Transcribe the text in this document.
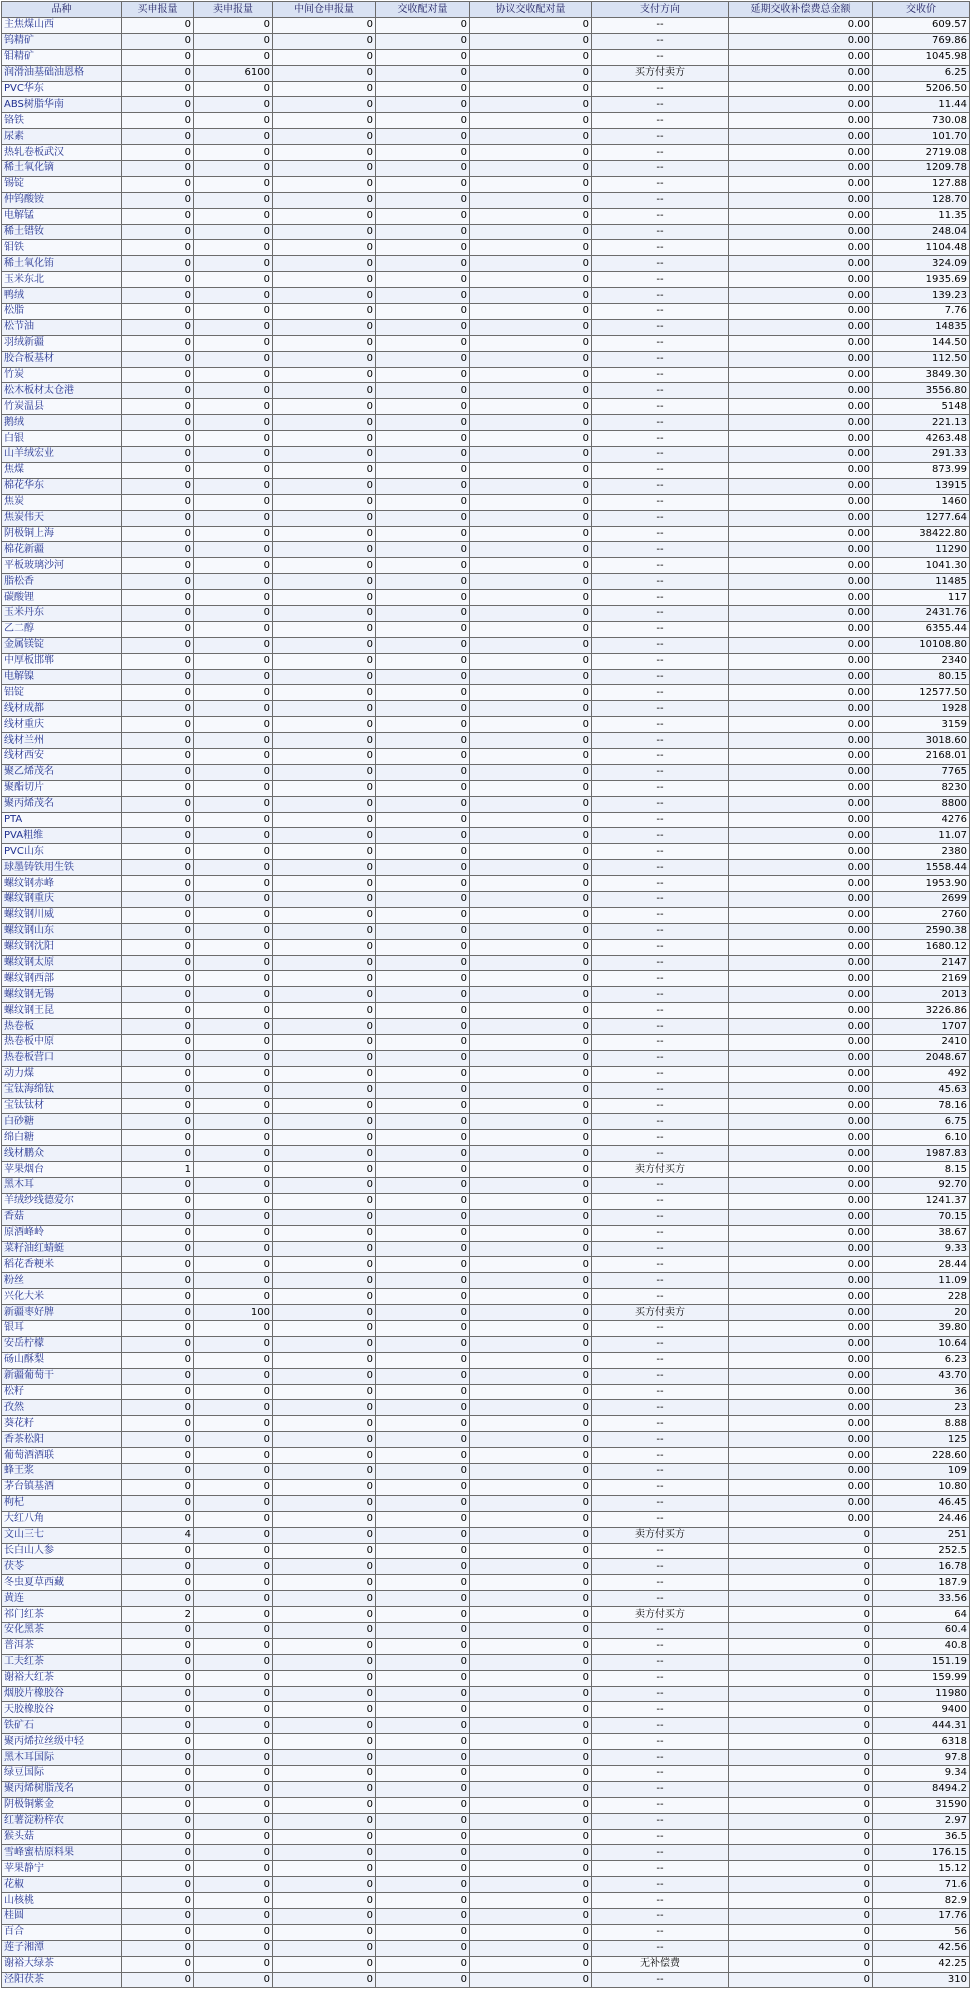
品种	买申报量	卖申报量	中间仓申报量	交收配对量	协议交收配对量	支付方向	延期交收补偿费总金额	交收价
主焦煤山西	0	0	0	0	0	--	0.00	609.57
钨精矿	0	0	0	0	0	--	0.00	769.86
钼精矿	0	0	0	0	0	--	0.00	1045.98
润滑油基础油恩格	0	6100	0	0	0	买方付卖方	0.00	6.25
PVC华东	0	0	0	0	0	--	0.00	5206.50
ABS树脂华南	0	0	0	0	0	--	0.00	11.44
铬铁	0	0	0	0	0	--	0.00	730.08
尿素	0	0	0	0	0	--	0.00	101.70
热轧卷板武汉	0	0	0	0	0	--	0.00	2719.08
稀土氧化镝	0	0	0	0	0	--	0.00	1209.78
锡锭	0	0	0	0	0	--	0.00	127.88
仲钨酸铵	0	0	0	0	0	--	0.00	128.70
电解锰	0	0	0	0	0	--	0.00	11.35
稀土镨钕	0	0	0	0	0	--	0.00	248.04
钼铁	0	0	0	0	0	--	0.00	1104.48
稀土氧化铕	0	0	0	0	0	--	0.00	324.09
玉米东北	0	0	0	0	0	--	0.00	1935.69
鸭绒	0	0	0	0	0	--	0.00	139.23
松脂	0	0	0	0	0	--	0.00	7.76
松节油	0	0	0	0	0	--	0.00	14835
羽绒新疆	0	0	0	0	0	--	0.00	144.50
胶合板基材	0	0	0	0	0	--	0.00	112.50
竹炭	0	0	0	0	0	--	0.00	3849.30
松木板材太仓港	0	0	0	0	0	--	0.00	3556.80
竹炭温县	0	0	0	0	0	--	0.00	5148
鹅绒	0	0	0	0	0	--	0.00	221.13
白银	0	0	0	0	0	--	0.00	4263.48
山羊绒宏业	0	0	0	0	0	--	0.00	291.33
焦煤	0	0	0	0	0	--	0.00	873.99
棉花华东	0	0	0	0	0	--	0.00	13915
焦炭	0	0	0	0	0	--	0.00	1460
焦炭伟天	0	0	0	0	0	--	0.00	1277.64
阴极铜上海	0	0	0	0	0	--	0.00	38422.80
棉花新疆	0	0	0	0	0	--	0.00	11290
平板玻璃沙河	0	0	0	0	0	--	0.00	1041.30
脂松香	0	0	0	0	0	--	0.00	11485
碳酸锂	0	0	0	0	0	--	0.00	117
玉米丹东	0	0	0	0	0	--	0.00	2431.76
乙二醇	0	0	0	0	0	--	0.00	6355.44
金属镁锭	0	0	0	0	0	--	0.00	10108.80
中厚板邯郸	0	0	0	0	0	--	0.00	2340
电解镍	0	0	0	0	0	--	0.00	80.15
铝锭	0	0	0	0	0	--	0.00	12577.50
线材成都	0	0	0	0	0	--	0.00	1928
线材重庆	0	0	0	0	0	--	0.00	3159
线材兰州	0	0	0	0	0	--	0.00	3018.60
线材西安	0	0	0	0	0	--	0.00	2168.01
聚乙烯茂名	0	0	0	0	0	--	0.00	7765
聚酯切片	0	0	0	0	0	--	0.00	8230
聚丙烯茂名	0	0	0	0	0	--	0.00	8800
PTA	0	0	0	0	0	--	0.00	4276
PVA粗维	0	0	0	0	0	--	0.00	11.07
PVC山东	0	0	0	0	0	--	0.00	2380
球墨铸铁用生铁	0	0	0	0	0	--	0.00	1558.44
螺纹钢赤峰	0	0	0	0	0	--	0.00	1953.90
螺纹钢重庆	0	0	0	0	0	--	0.00	2699
螺纹钢川威	0	0	0	0	0	--	0.00	2760
螺纹钢山东	0	0	0	0	0	--	0.00	2590.38
螺纹钢沈阳	0	0	0	0	0	--	0.00	1680.12
螺纹钢太原	0	0	0	0	0	--	0.00	2147
螺纹钢西部	0	0	0	0	0	--	0.00	2169
螺纹钢无锡	0	0	0	0	0	--	0.00	2013
螺纹钢王昆	0	0	0	0	0	--	0.00	3226.86
热卷板	0	0	0	0	0	--	0.00	1707
热卷板中原	0	0	0	0	0	--	0.00	2410
热卷板营口	0	0	0	0	0	--	0.00	2048.67
动力煤	0	0	0	0	0	--	0.00	492
宝钛海绵钛	0	0	0	0	0	--	0.00	45.63
宝钛钛材	0	0	0	0	0	--	0.00	78.16
白砂糖	0	0	0	0	0	--	0.00	6.75
绵白糖	0	0	0	0	0	--	0.00	6.10
线材鹏众	0	0	0	0	0	--	0.00	1987.83
苹果烟台	1	0	0	0	0	卖方付买方	0.00	8.15
黑木耳	0	0	0	0	0	--	0.00	92.70
羊绒纱线德爱尔	0	0	0	0	0	--	0.00	1241.37
香菇	0	0	0	0	0	--	0.00	70.15
原酒峰岭	0	0	0	0	0	--	0.00	38.67
菜籽油红蜻蜓	0	0	0	0	0	--	0.00	9.33
稻花香粳米	0	0	0	0	0	--	0.00	28.44
粉丝	0	0	0	0	0	--	0.00	11.09
兴化大米	0	0	0	0	0	--	0.00	228
新疆枣好牌	0	100	0	0	0	买方付卖方	0.00	20
银耳	0	0	0	0	0	--	0.00	39.80
安岳柠檬	0	0	0	0	0	--	0.00	10.64
砀山酥梨	0	0	0	0	0	--	0.00	6.23
新疆葡萄干	0	0	0	0	0	--	0.00	43.70
松籽	0	0	0	0	0	--	0.00	36
孜然	0	0	0	0	0	--	0.00	23
葵花籽	0	0	0	0	0	--	0.00	8.88
香茶松阳	0	0	0	0	0	--	0.00	125
葡萄酒酒联	0	0	0	0	0	--	0.00	228.60
蜂王浆	0	0	0	0	0	--	0.00	109
茅台镇基酒	0	0	0	0	0	--	0.00	10.80
枸杞	0	0	0	0	0	--	0.00	46.45
大红八角	0	0	0	0	0	--	0.00	24.46
文山三七	4	0	0	0	0	卖方付买方	0	251
长白山人参	0	0	0	0	0	--	0	252.5
茯苓	0	0	0	0	0	--	0	16.78
冬虫夏草西藏	0	0	0	0	0	--	0	187.9
黄连	0	0	0	0	0	--	0	33.56
祁门红茶	2	0	0	0	0	卖方付买方	0	64
安化黑茶	0	0	0	0	0	--	0	60.4
普洱茶	0	0	0	0	0	--	0	40.8
工夫红茶	0	0	0	0	0	--	0	151.19
谢裕大红茶	0	0	0	0	0	--	0	159.99
烟胶片橡胶谷	0	0	0	0	0	--	0	11980
天胶橡胶谷	0	0	0	0	0	--	0	9400
铁矿石	0	0	0	0	0	--	0	444.31
聚丙烯拉丝级中轻	0	0	0	0	0	--	0	6318
黑木耳国际	0	0	0	0	0	--	0	97.8
绿豆国际	0	0	0	0	0	--	0	9.34
聚丙烯树脂茂名	0	0	0	0	0	--	0	8494.2
阴极铜紫金	0	0	0	0	0	--	0	31590
红薯淀粉梓农	0	0	0	0	0	--	0	2.97
猴头菇	0	0	0	0	0	--	0	36.5
雪峰蜜桔原料果	0	0	0	0	0	--	0	176.15
苹果静宁	0	0	0	0	0	--	0	15.12
花椒	0	0	0	0	0	--	0	71.6
山核桃	0	0	0	0	0	--	0	82.9
桂圆	0	0	0	0	0	--	0	17.76
百合	0	0	0	0	0	--	0	56
莲子湘潭	0	0	0	0	0	--	0	42.56
谢裕大绿茶	0	0	0	0	0	无补偿费	0	42.25
泾阳茯茶	0	0	0	0	0	--	0	310
